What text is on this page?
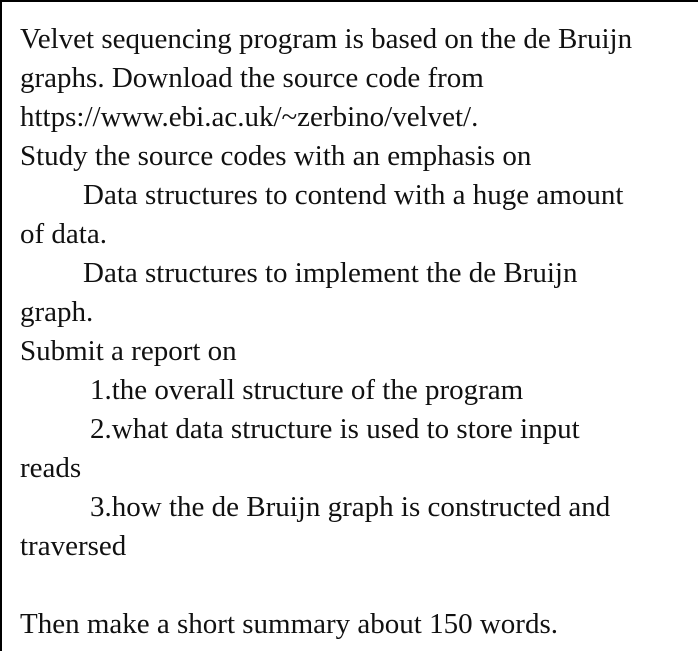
Velvet sequencing program is based on the de Bruijn
graphs. Download the source code from
https://www.ebi.ac.uk/~zerbino/velvet/.
Study the source codes with an emphasis on
Data structures to contend with a huge amount
of data.
Data structures to implement the de Bruijn
graph.
Submit a report on
1.the overall structure of the program
2.what data structure is used to store input
reads
3.how the de Bruijn graph is constructed and
traversed
Then make a short summary about 150 words.
